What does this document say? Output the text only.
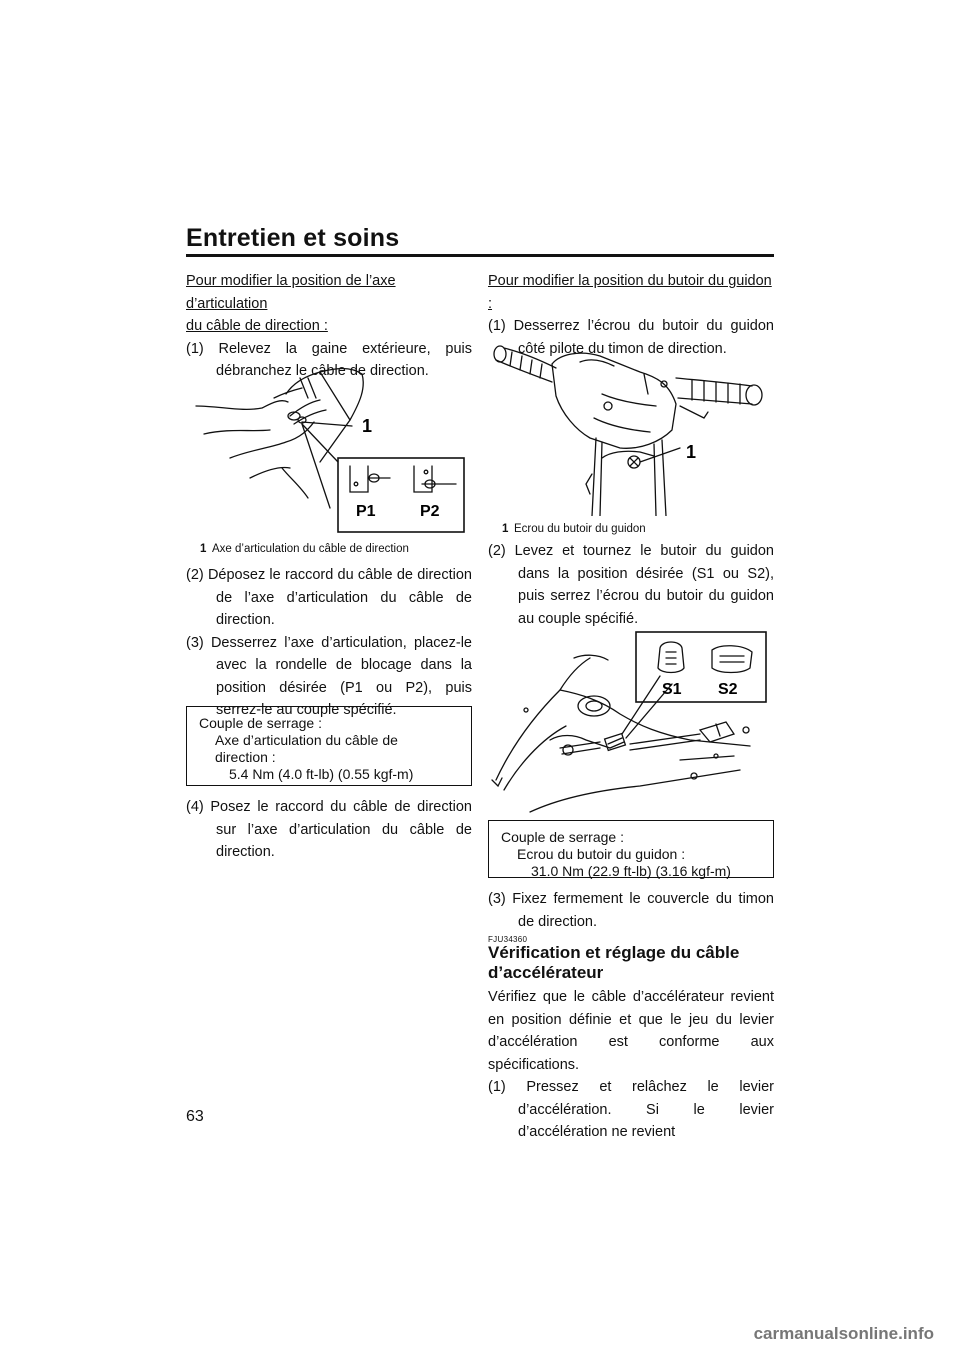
Entretien et soins

Pour modifier la position de l’axe d’articulation

du câble de direction :

(1) Relevez la gaine extérieure, puis débranchez le câble de direction.

1
P1	P2
1 Axe d’articulation du câble de direction

(2) Déposez le raccord du câble de direction de l’axe d’articulation du câble de direction.

(3) Desserrez l’axe d’articulation, placez-le avec la rondelle de blocage dans la position désirée (P1 ou P2), puis serrez-le au couple spécifié.

Couple de serrage :
Axe d’articulation du câble de
direction :
5.4 Nm (4.0 ft-lb) (0.55 kgf-m)

(4) Posez le raccord du câble de direction sur l’axe d’articulation du câble de direction.

Pour modifier la position du butoir du guidon :

(1) Desserrez l’écrou du butoir du guidon côté pilote du timon de direction.

1
1 Ecrou du butoir du guidon

(2) Levez et tournez le butoir du guidon dans la position désirée (S1 ou S2), puis serrez l’écrou du butoir du guidon au couple spécifié.

S1 S2
Couple de serrage :
Ecrou du butoir du guidon :
31.0 Nm (22.9 ft-lb) (3.16 kgf-m)

(3) Fixez fermement le couvercle du timon de direction.

FJU34360
Vérification et réglage du câble
d’accélérateur

Vérifiez que le câble d’accélérateur revient en position définie et que le jeu du levier d’accélération est conforme aux spécifications.

(1) Pressez et relâchez le levier d’accélération. Si le levier d’accélération ne revient

63
carmanualsonline.info
